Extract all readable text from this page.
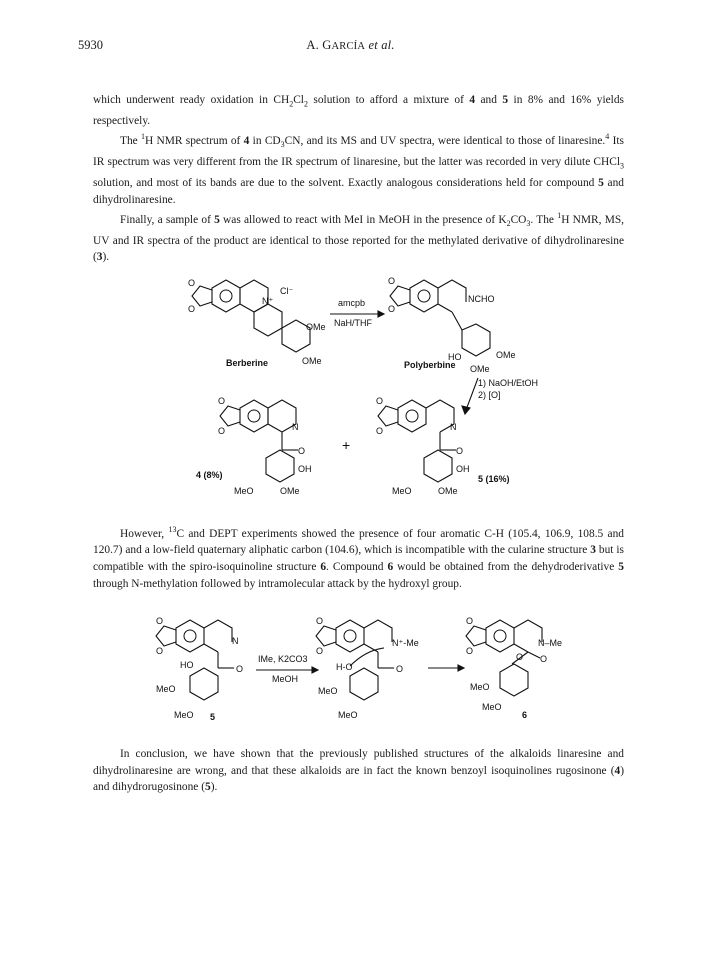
5930	A. GARCÍA et al.

which underwent ready oxidation in $CH_2Cl_2$ solution to afford a mixture of 4 and 5 in 8% and 16% yields respectively.

The $^1$H NMR spectrum of 4 in $CD_3CN$, and its MS and UV spectra, were identical to those of linaresine.$^4$ Its IR spectrum was very different from the IR spectrum of linaresine, but the latter was recorded in very dilute CHCl$_3$ solution, and most of its bands are due to the solvent. Exactly analogous considerations held for compound 5 and dihydrolinaresine.

Finally, a sample of 5 was allowed to react with MeI in MeOH in the presence of $K_2CO_3$. The $^1$H NMR, MS, UV and IR spectra of the product are identical to those reported for the methylated derivative of dihydrolinaresine (3).

O
O
N⁺
Cl⁻
OMe
OMe
Berberine
amcpb
NaH/THF
O
O
NCHO
OMe
HO
OMe
Polyberbine
1) NaOH/EtOH
2) [O]
O
O	N
O
OH
MeO	OMe
4 (8%)
+
O
O	N
O
OH
MeO	OMe
5 (16%)

However, $^{13}$C and DEPT experiments showed the presence of four aromatic C-H (105.4, 106.9, 108.5 and 120.7) and a low-field quaternary aliphatic carbon (104.6), which is incompatible with the cularine structure 3 but is compatible with the spiro-isoquinoline structure 6. Compound 6 would be obtained from the dehydroderivative 5 through N-methylation followed by intramolecular attack by the hydroxyl group.

O
O
N
O
HO
MeO
MeO 5
IMe, K2CO3
MeOH
O
O
N⁺-Me
O
H-O
MeO
MeO
O
O
N–Me
O
O
MeO
MeO
6

In conclusion, we have shown that the previously published structures of the alkaloids linaresine and dihydrolinaresine are wrong, and that these alkaloids are in fact the known benzoyl isoquinolines rugosinone (4) and dihydrorugosinone (5).
